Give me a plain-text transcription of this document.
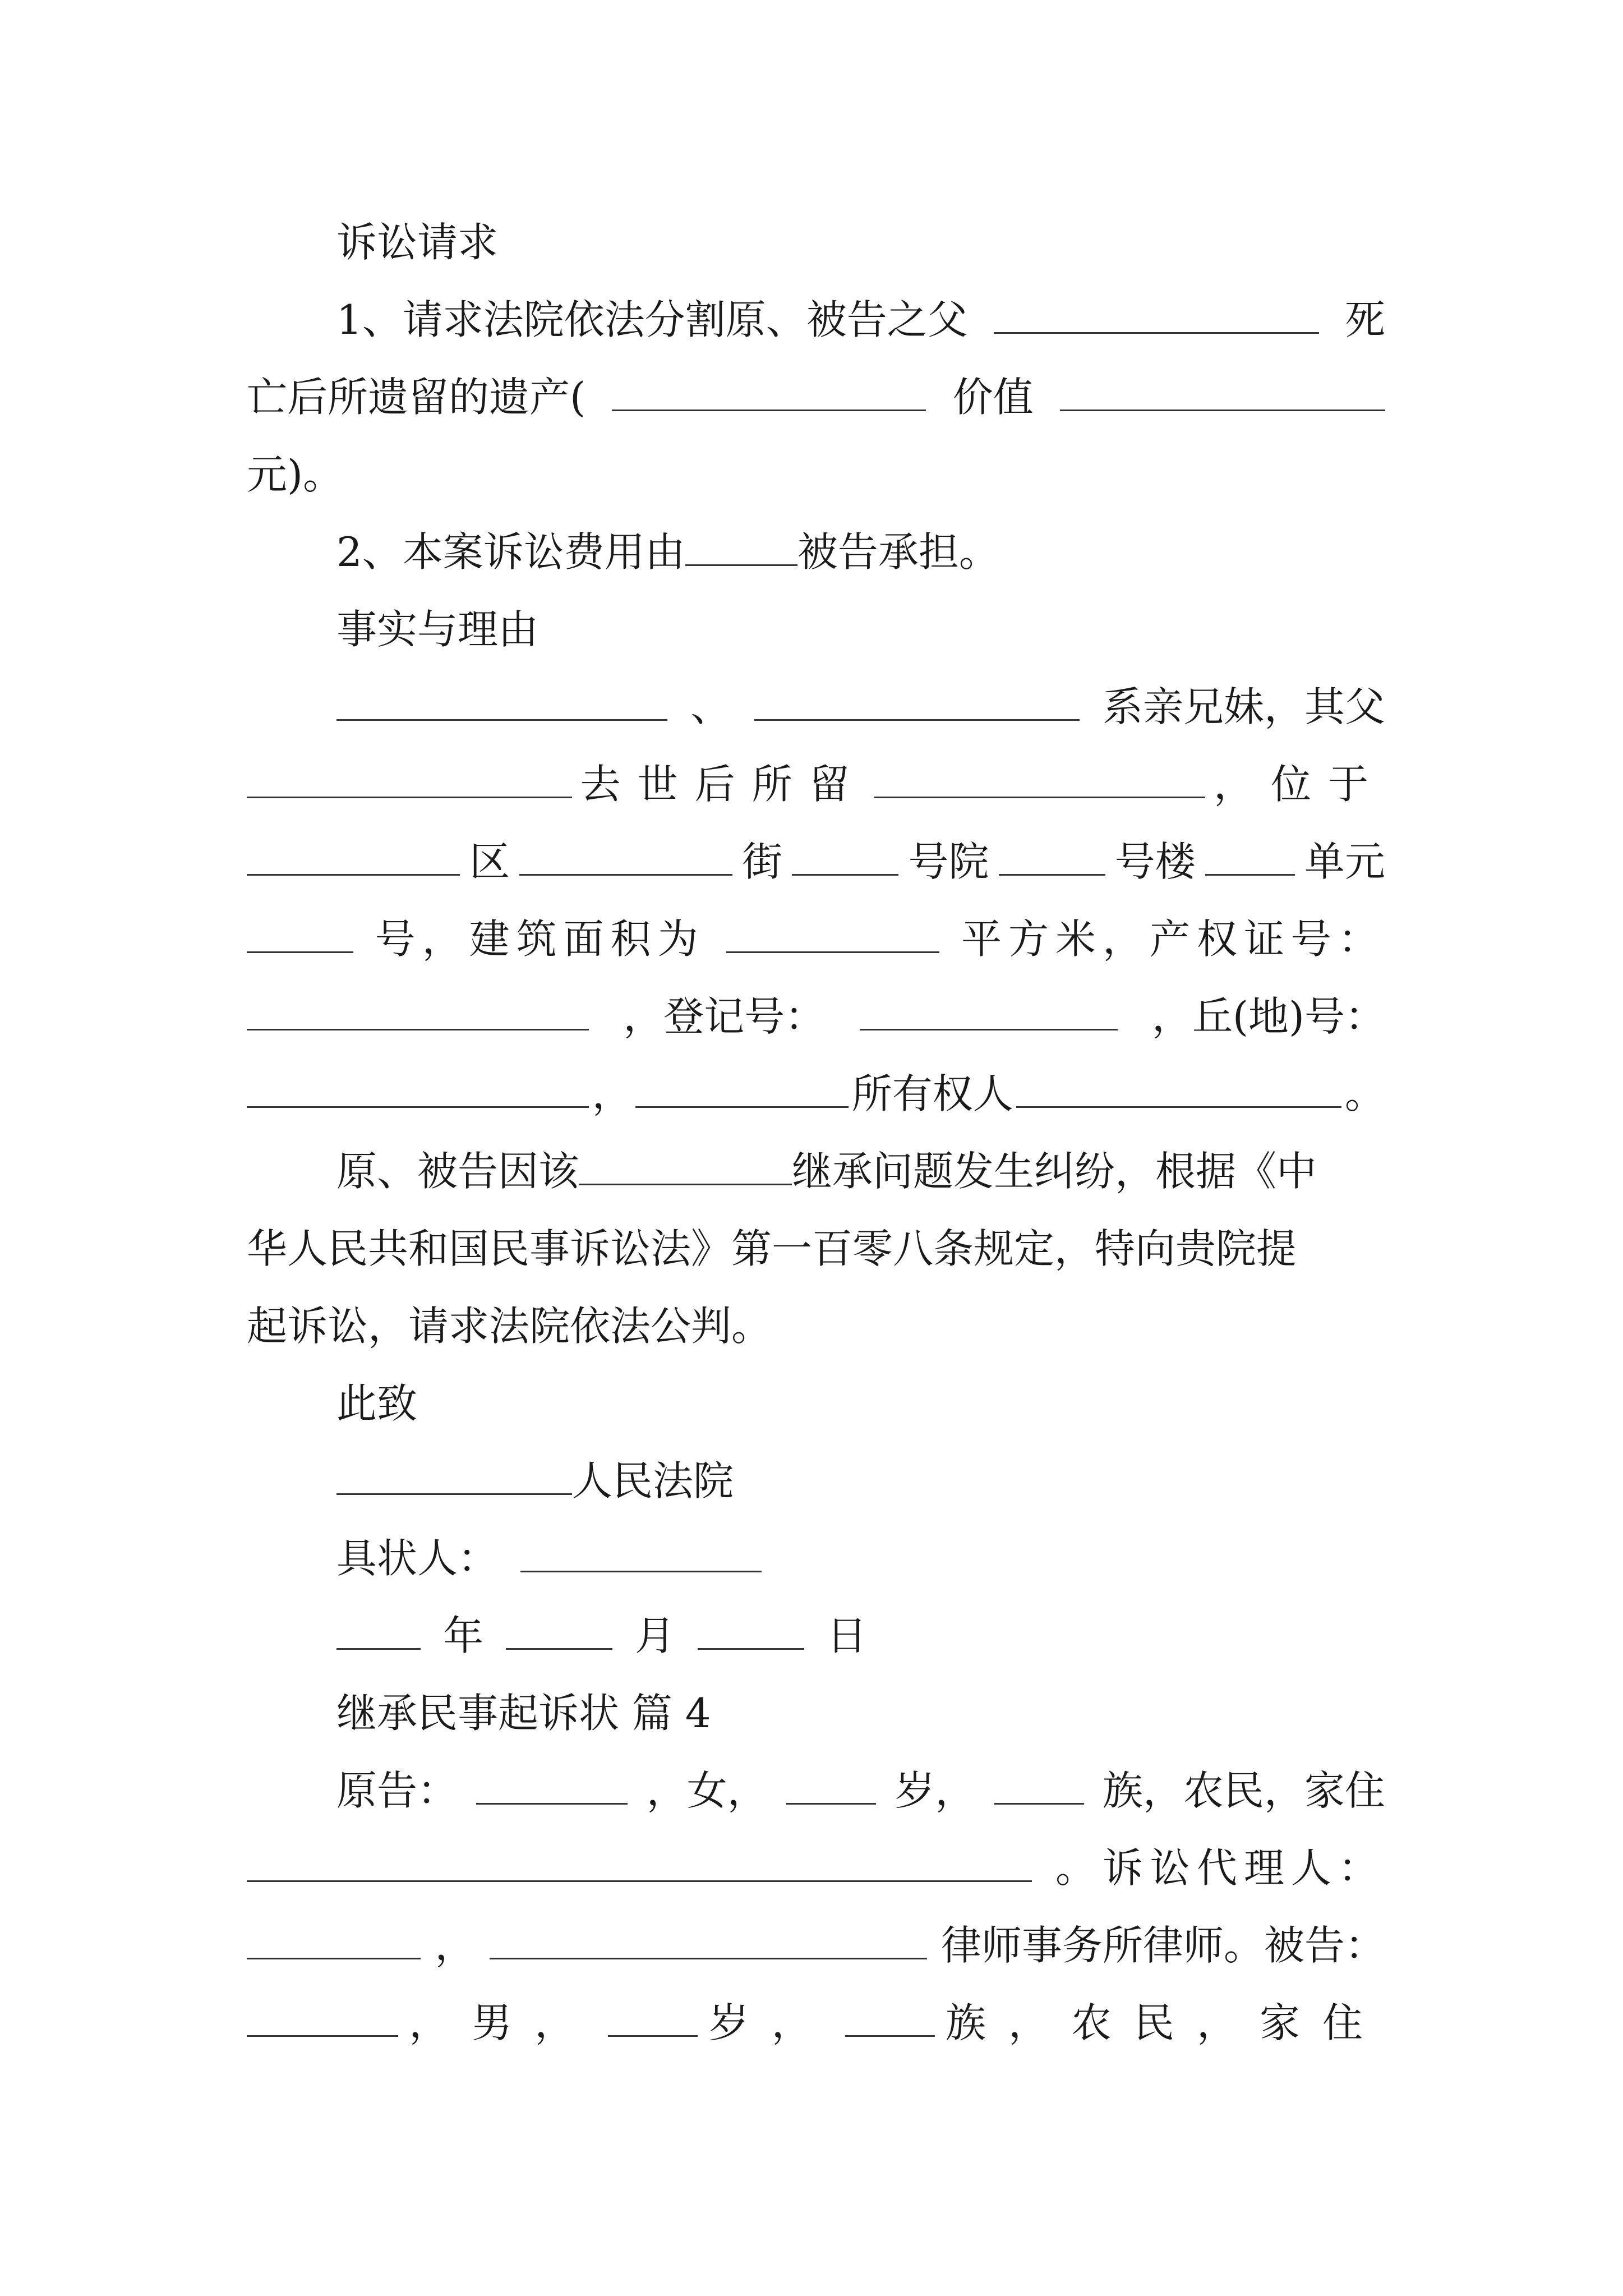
诉讼请求
1、请求法院依法分割原、被告之父	死
亡后所遗留的遗产(	价值
元)。
2、本案诉讼费用由	被告承担。
事实与理由
、	系亲兄妹，其父
去世后所留	，位于
区	街	号院	号楼	单元
号，建筑面积为	平方米，产权证号：
，登记号：	，丘(地)号：
，	所有权人	。
原、被告因该	继承问题发生纠纷，根据《中
华人民共和国民事诉讼法》第一百零八条规定，特向贵院提
起诉讼，请求法院依法公判。
此致
人民法院
具状人：
年	月	日
继承民事起诉状 篇 4
原告：	，女，	岁，	族，农民，家住
。诉讼代理人：
，	律师事务所律师。被告：
，男，	岁，	族，农民，家住
